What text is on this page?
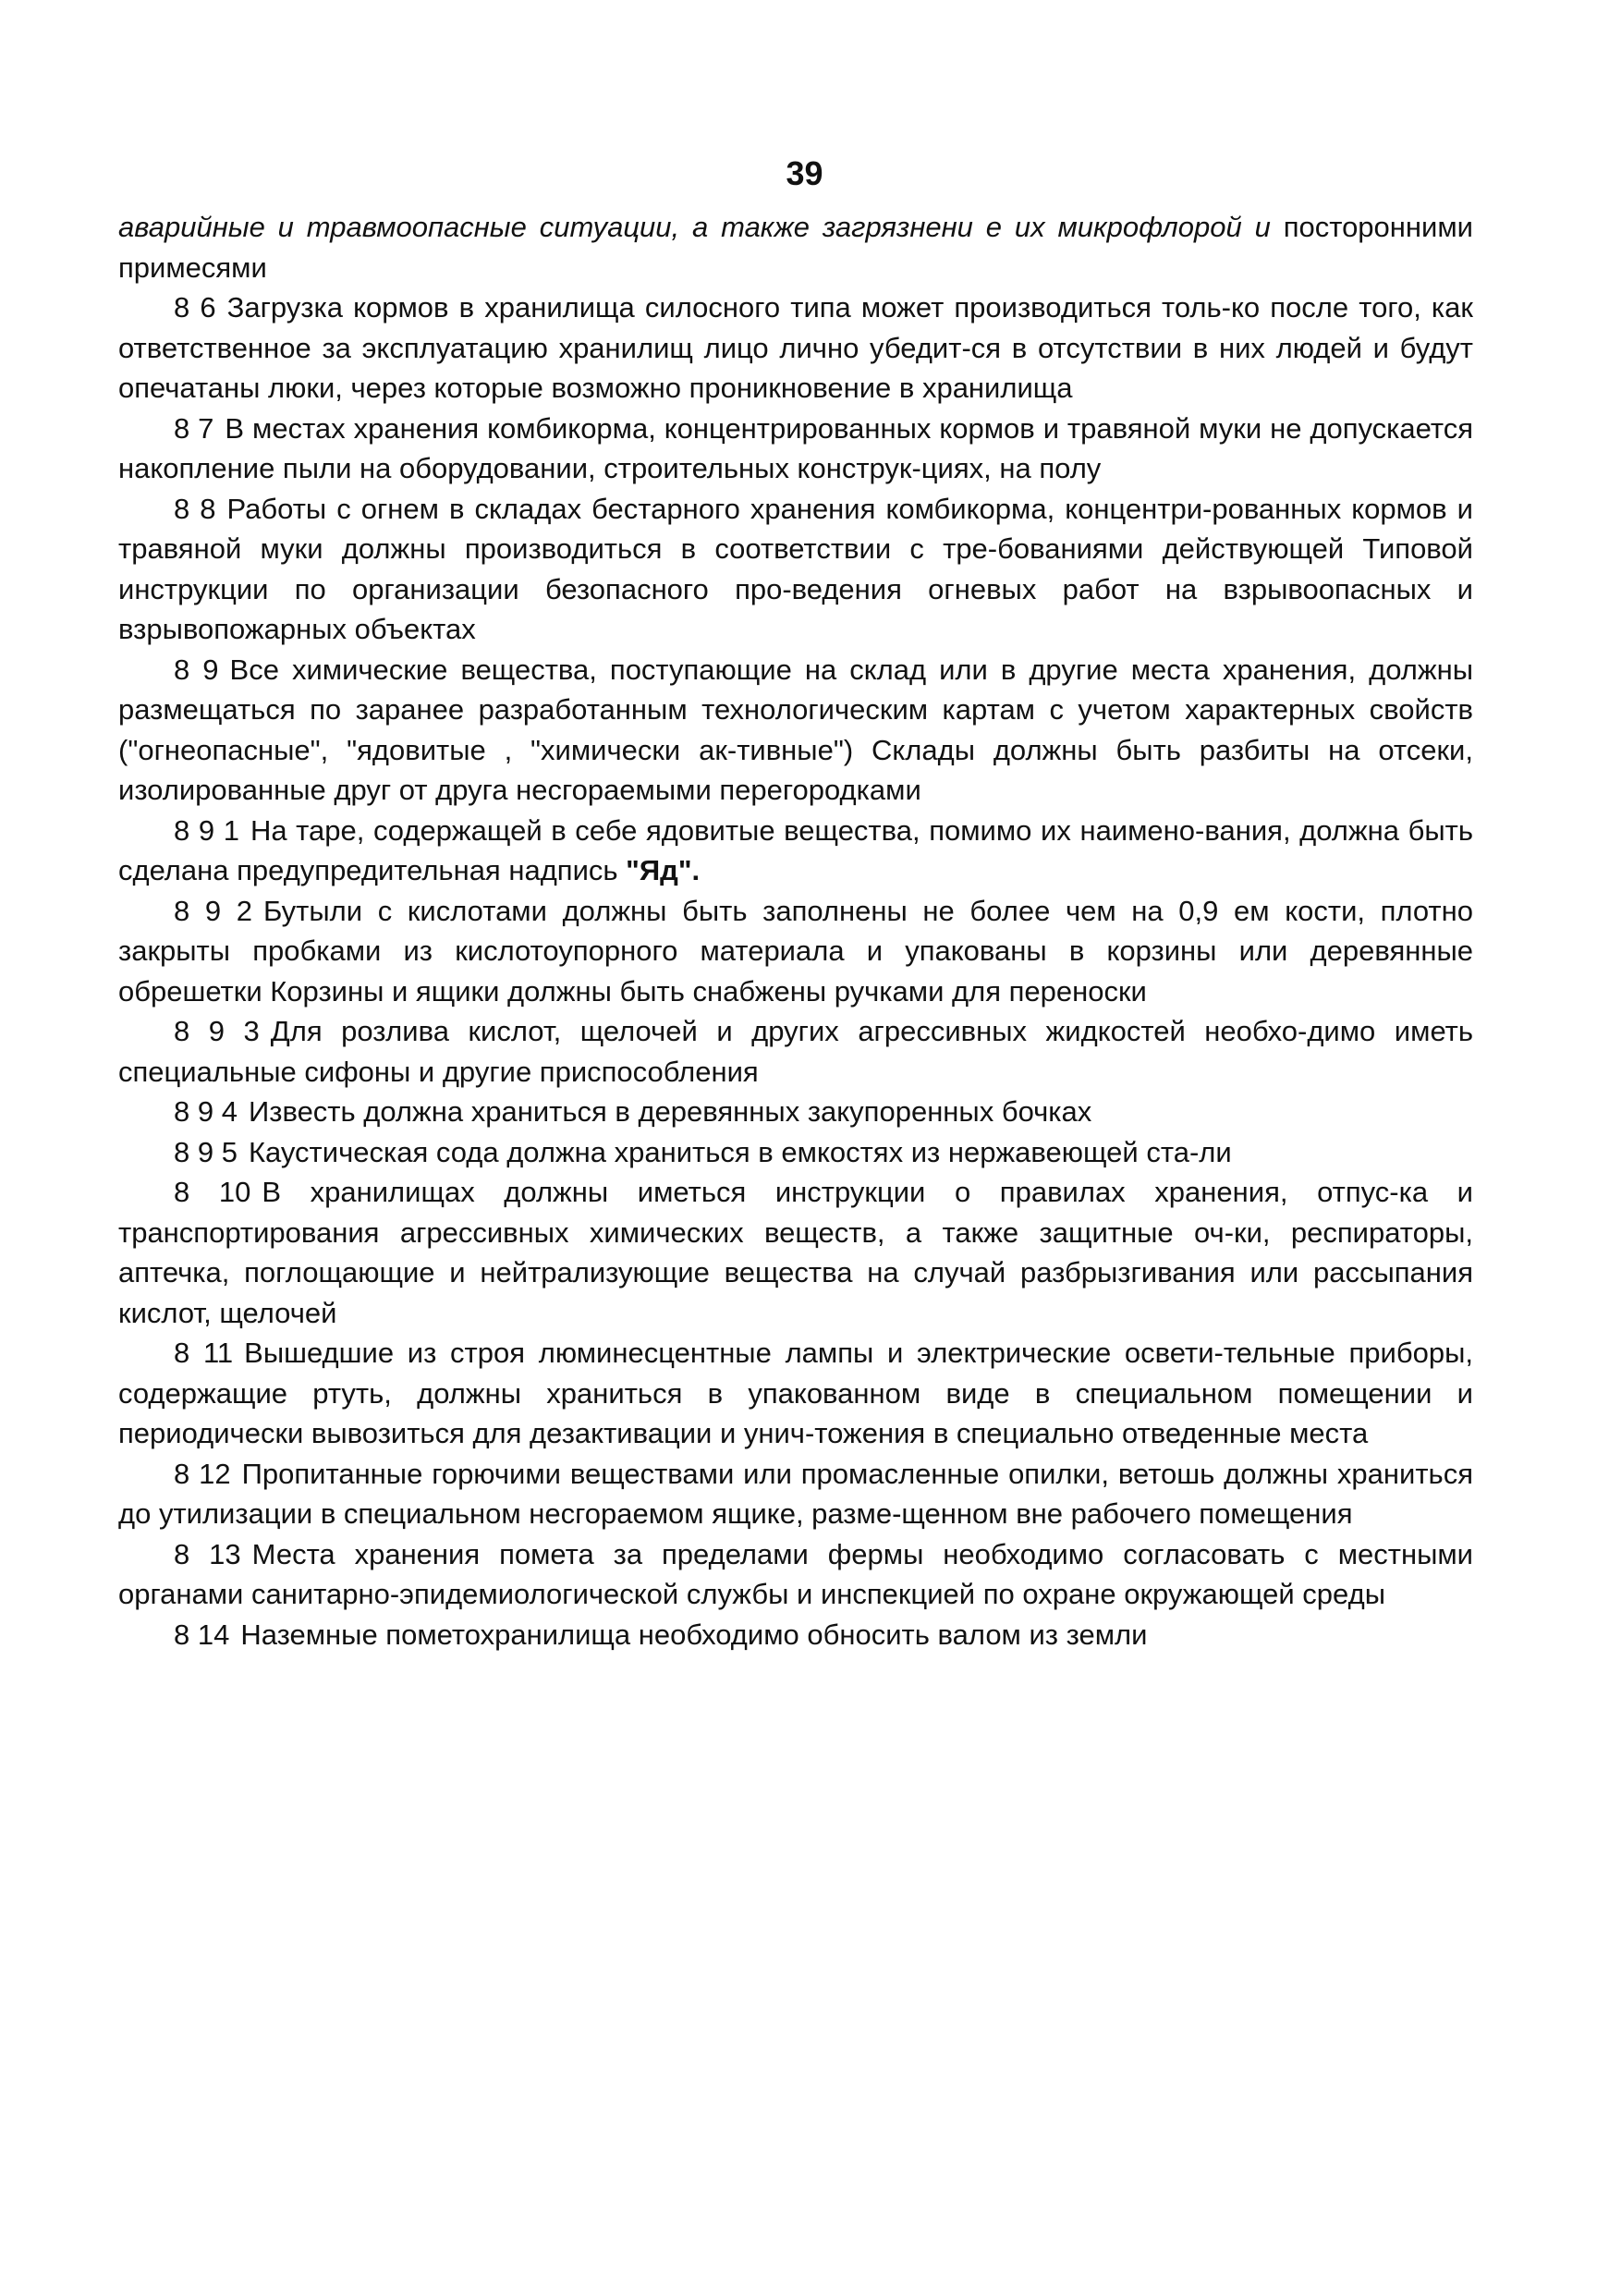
39

аварийные и травмоопасные ситуации, а также загрязнени е их микрофлорой и посторонними примесями

8 6 Загрузка кормов в хранилища силосного типа может производиться толь-ко после того, как ответственное за эксплуатацию хранилищ лицо лично убедит-ся в отсутствии в них людей и будут опечатаны люки, через которые возможно проникновение в хранилища

8 7 В местах хранения комбикорма, концентрированных кормов и травяной муки не допускается накопление пыли на оборудовании, строительных конструк-циях, на полу

8 8 Работы с огнем в складах бестарного хранения комбикорма, концентри-рованных кормов и травяной муки должны производиться в соответствии с тре-бованиями действующей Типовой инструкции по организации безопасного про-ведения огневых работ на взрывоопасных и взрывопожарных объектах

8 9 Все химические вещества, поступающие на склад или в другие места хранения, должны размещаться по заранее разработанным технологическим картам с учетом характерных свойств ("огнеопасные", "ядовитые , "химически ак-тивные") Склады должны быть разбиты на отсеки, изолированные друг от друга несгораемыми перегородками

8 9 1 На таре, содержащей в себе ядовитые вещества, помимо их наимено-вания, должна быть сделана предупредительная надпись "Яд".

8 9 2 Бутыли с кислотами должны быть заполнены не более чем на 0,9 ем кости, плотно закрыты пробками из кислотоупорного материала и упакованы в корзины или деревянные обрешетки Корзины и ящики должны быть снабжены ручками для переноски

8 9 3 Для розлива кислот, щелочей и других агрессивных жидкостей необхо-димо иметь специальные сифоны и другие приспособления

8 9 4 Известь должна храниться в деревянных закупоренных бочках

8 9 5 Каустическая сода должна храниться в емкостях из нержавеющей ста-ли

8 10 В хранилищах должны иметься инструкции о правилах хранения, отпус-ка и транспортирования агрессивных химических веществ, а также защитные оч-ки, респираторы, аптечка, поглощающие и нейтрализующие вещества на случай разбрызгивания или рассыпания кислот, щелочей

8 11 Вышедшие из строя люминесцентные лампы и электрические освети-тельные приборы, содержащие ртуть, должны храниться в упакованном виде в специальном помещении и периодически вывозиться для дезактивации и унич-тожения в специально отведенные места

8 12 Пропитанные горючими веществами или промасленные опилки, ветошь должны храниться до утилизации в специальном несгораемом ящике, разме-щенном вне рабочего помещения

8 13 Места хранения помета за пределами фермы необходимо согласовать с местными органами санитарно-эпидемиологической службы и инспекцией по охране окружающей среды

8 14 Наземные пометохранилища необходимо обносить валом из земли
